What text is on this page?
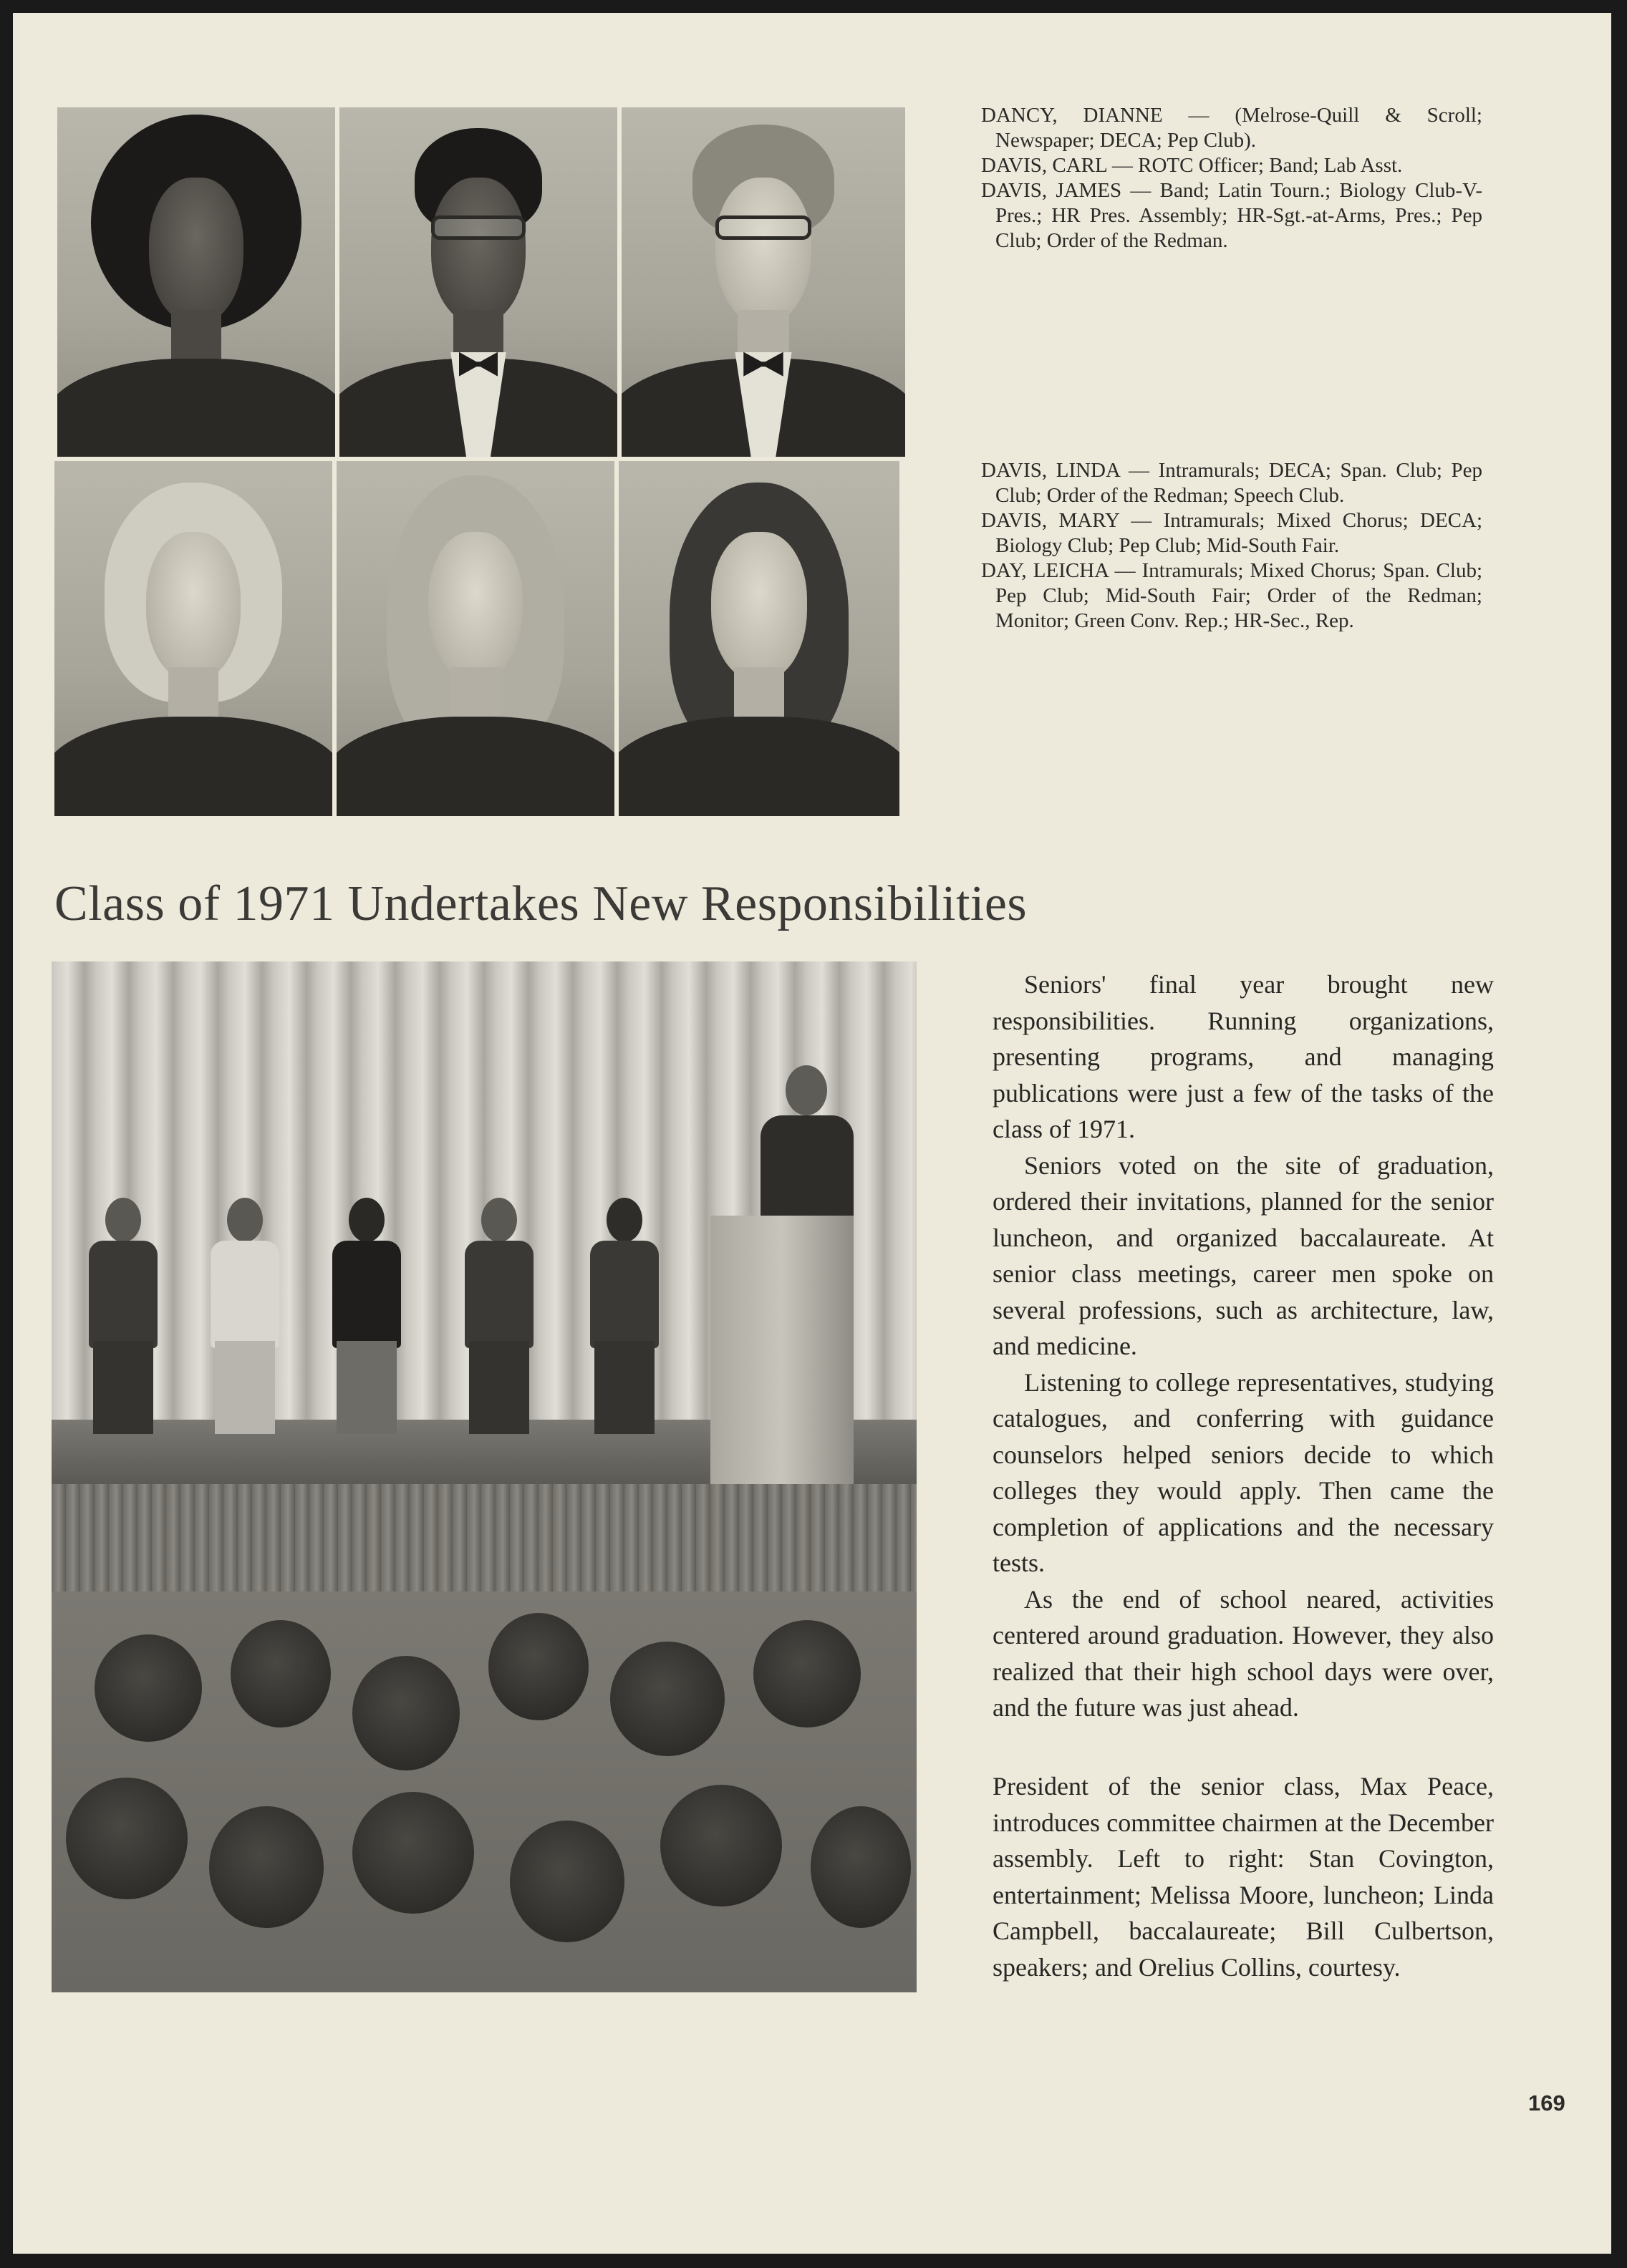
DANCY, DIANNE — (Melrose-Quill & Scroll; Newspaper; DECA; Pep Club).

DAVIS, CARL — ROTC Officer; Band; Lab Asst.

DAVIS, JAMES — Band; Latin Tourn.; Biology Club-V-Pres.; HR Pres. Assembly; HR-Sgt.-at-Arms, Pres.; Pep Club; Order of the Redman.

DAVIS, LINDA — Intramurals; DECA; Span. Club; Pep Club; Order of the Redman; Speech Club.

DAVIS, MARY — Intramurals; Mixed Chorus; DECA; Biology Club; Pep Club; Mid-South Fair.

DAY, LEICHA — Intramurals; Mixed Chorus; Span. Club; Pep Club; Mid-South Fair; Order of the Redman; Monitor; Green Conv. Rep.; HR-Sec., Rep.

Class of 1971 Undertakes New Responsibilities

Seniors' final year brought new responsibilities. Running organizations, presenting programs, and managing publications were just a few of the tasks of the class of 1971.

Seniors voted on the site of graduation, ordered their invitations, planned for the senior luncheon, and organized baccalaureate. At senior class meetings, career men spoke on several professions, such as architecture, law, and medicine.

Listening to college representatives, studying catalogues, and conferring with guidance counselors helped seniors decide to which colleges they would apply. Then came the completion of applications and the necessary tests.

As the end of school neared, activities centered around graduation. However, they also realized that their high school days were over, and the future was just ahead.

President of the senior class, Max Peace, introduces committee chairmen at the December assembly. Left to right: Stan Covington, entertainment; Melissa Moore, luncheon; Linda Campbell, baccalaureate; Bill Culbertson, speakers; and Orelius Collins, courtesy.

169
